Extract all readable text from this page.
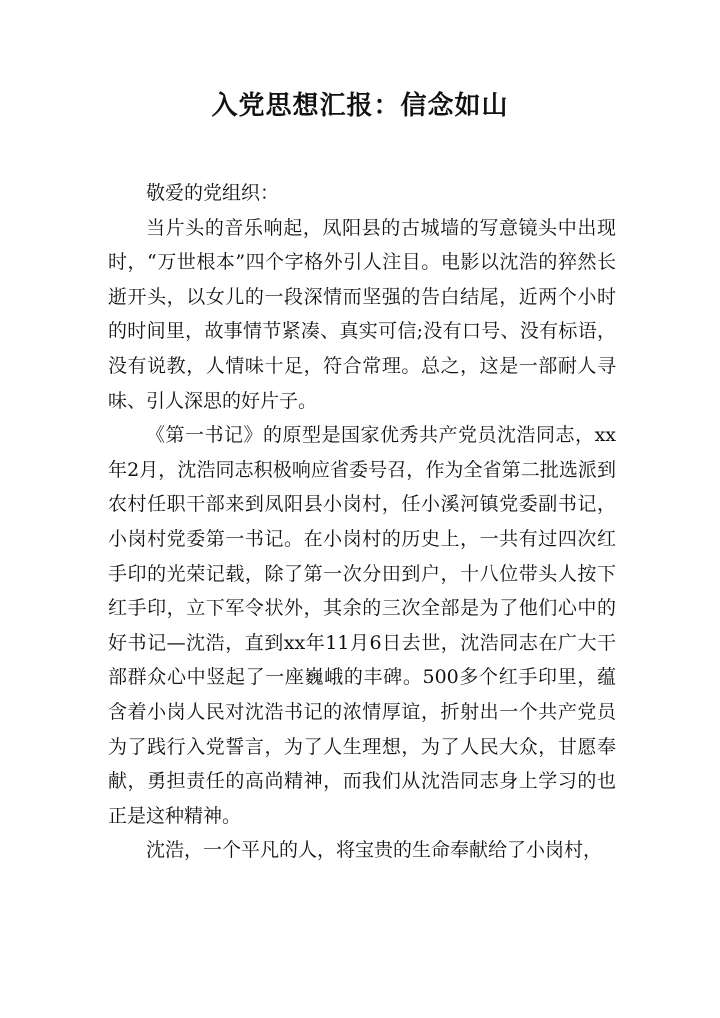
入党思想汇报：信念如山

敬爱的党组织：

当片头的音乐响起，凤阳县的古城墙的写意镜头中出现时，“万世根本”四个字格外引人注目。电影以沈浩的猝然长逝开头，以女儿的一段深情而坚强的告白结尾，近两个小时的时间里，故事情节紧凑、真实可信;没有口号、没有标语，没有说教，人情味十足，符合常理。总之，这是一部耐人寻味、引人深思的好片子。

《第一书记》的原型是国家优秀共产党员沈浩同志，xx年2月，沈浩同志积极响应省委号召，作为全省第二批选派到农村任职干部来到凤阳县小岗村，任小溪河镇党委副书记，小岗村党委第一书记。在小岗村的历史上，一共有过四次红手印的光荣记载，除了第一次分田到户，十八位带头人按下红手印，立下军令状外，其余的三次全部是为了他们心中的好书记—沈浩，直到xx年11月6日去世，沈浩同志在广大干部群众心中竖起了一座巍峨的丰碑。500多个红手印里，蕴含着小岗人民对沈浩书记的浓情厚谊，折射出一个共产党员为了践行入党誓言，为了人生理想，为了人民大众，甘愿奉献，勇担责任的高尚精神，而我们从沈浩同志身上学习的也正是这种精神。

沈浩，一个平凡的人，将宝贵的生命奉献给了小岗村，
